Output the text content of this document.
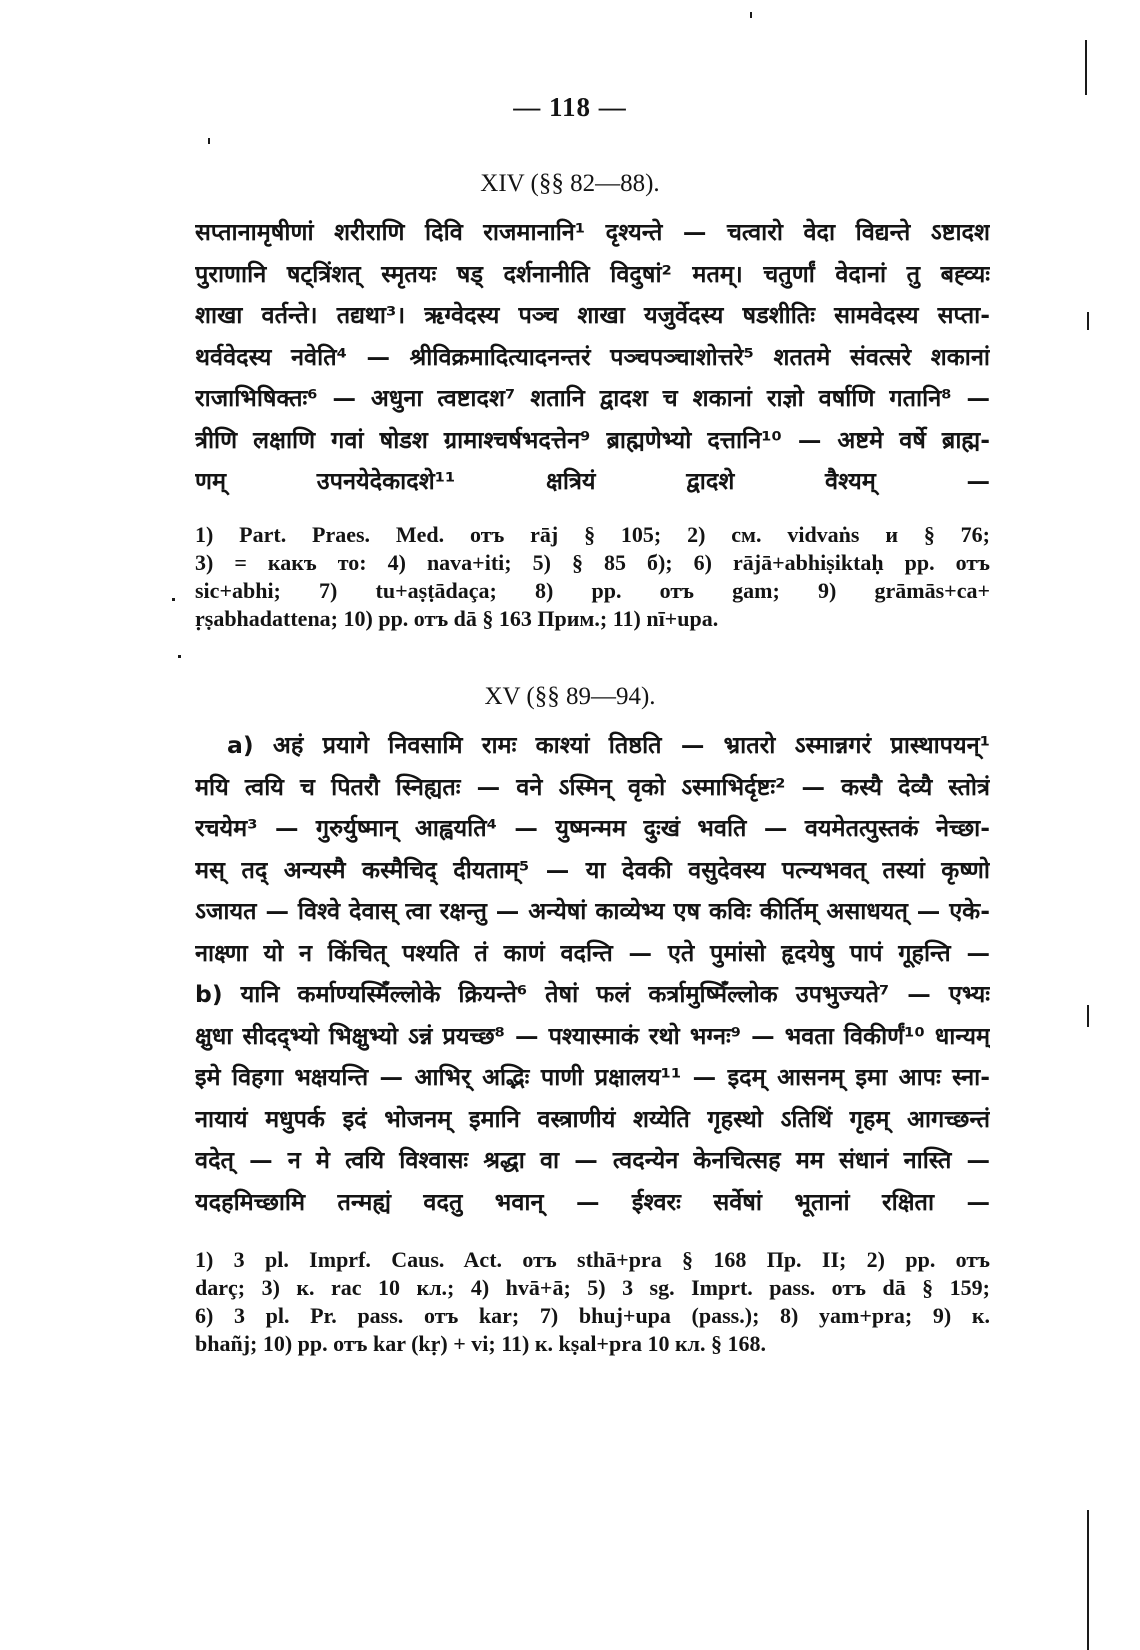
— 118 —
XIV (§§ 82—88).
सप्तानामृषीणां शरीराणि दिवि राजमानानि¹ दृश्यन्ते — चत्वारो वेदा विद्यन्ते ऽष्टादश
पुराणानि षट्त्रिंशत् स्मृतयः षड् दर्शनानीति विदुषां² मतम्। चतुर्णां वेदानां तु बह्व्यः
शाखा वर्तन्ते। तद्यथा³। ऋग्वेदस्य पञ्च शाखा यजुर्वेदस्य षडशीतिः सामवेदस्य सप्ता-
थर्ववेदस्य नवेति⁴ — श्रीविक्रमादित्यादनन्तरं पञ्चपञ्चाशोत्तरे⁵ शततमे संवत्सरे शकानां
राजाभिषिक्तः⁶ — अधुना त्वष्टादश⁷ शतानि द्वादश च शकानां राज्ञो वर्षाणि गतानि⁸ —
त्रीणि लक्षाणि गवां षोडश ग्रामाश्चर्षभदत्तेन⁹ ब्राह्मणेभ्यो दत्तानि¹⁰ — अष्टमे वर्षे ब्राह्म-
णम् उपनयेदेकादशे¹¹ क्षत्रियं द्वादशे वैश्यम् —
1) Part. Praes. Med. отъ rāj § 105; 2) см. vidvaṅs и § 76;
3) = какъ то: 4) nava+iti; 5) § 85 б); 6) rājā+abhiṣiktaḥ pp. отъ
sic+abhi; 7) tu+aṣṭādaça; 8) pp. отъ gam; 9) grāmās+ca+
ṛṣabhadattena; 10) pp. отъ dā § 163 Прим.; 11) nī+upa.
XV (§§ 89—94).
a) अहं प्रयागे निवसामि रामः काश्यां तिष्ठति — भ्रातरो ऽस्मान्नगरं प्रास्थापयन्¹
मयि त्वयि च पितरौ स्निह्यतः — वने ऽस्मिन् वृको ऽस्माभिर्दृष्टः² — कस्यै देव्यै स्तोत्रं
रचयेम³ — गुरुर्युष्मान् आह्वयति⁴ — युष्मन्मम दुःखं भवति — वयमेतत्पुस्तकं नेच्छा-
मस् तद् अन्यस्मै कस्मैचिद् दीयताम्⁵ — या देवकी वसुदेवस्य पत्न्यभवत् तस्यां कृष्णो
ऽजायत — विश्वे देवास् त्वा रक्षन्तु — अन्येषां काव्येभ्य एष कविः कीर्तिम् असाधयत् — एके-
नाक्ष्णा यो न किंचित् पश्यति तं काणं वदन्ति — एते पुमांसो हृदयेषु पापं गूहन्ति —
b) यानि कर्माण्यस्मिँल्लोके क्रियन्ते⁶ तेषां फलं कर्त्रामुष्मिँल्लोक उपभुज्यते⁷ — एभ्यः
क्षुधा सीदद्भ्यो भिक्षुभ्यो ऽन्नं प्रयच्छ⁸ — पश्यास्माकं रथो भग्नः⁹ — भवता विकीर्णं¹⁰ धान्यम्
इमे विहगा भक्षयन्ति — आभिर् अद्भिः पाणी प्रक्षालय¹¹ — इदम् आसनम् इमा आपः स्ना-
नायायं मधुपर्क इदं भोजनम् इमानि वस्त्राणीयं शय्येति गृहस्थो ऽतिथिं गृहम् आगच्छन्तं
वदेत् — न मे त्वयि विश्वासः श्रद्धा वा — त्वदन्येन केनचित्सह मम संधानं नास्ति —
यदहमिच्छामि तन्मह्यं वदतु भवान् — ईश्वरः सर्वेषां भूतानां रक्षिता —
1) 3 pl. Imprf. Caus. Act. отъ sthā+pra § 168 Пр. II; 2) pp. отъ
darç; 3) к. rac 10 кл.; 4) hvā+ā; 5) 3 sg. Imprt. pass. отъ dā § 159;
6) 3 pl. Pr. pass. отъ kar; 7) bhuj+upa (pass.); 8) yam+pra; 9) к.
bhañj; 10) pp. отъ kar (kṛ) + vi; 11) к. kṣal+pra 10 кл. § 168.
